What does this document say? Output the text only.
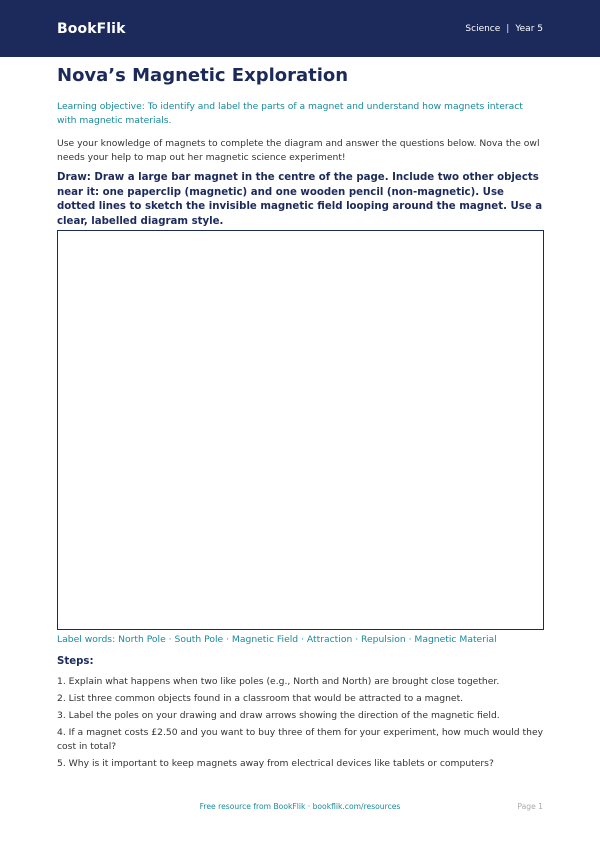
BookFlik	Science | Year 5
Nova’s Magnetic Exploration

Learning objective: To identify and label the parts of a magnet and understand how magnets interact with magnetic materials.

Use your knowledge of magnets to complete the diagram and answer the questions below. Nova the owl needs your help to map out her magnetic science experiment!

Draw: Draw a large bar magnet in the centre of the page. Include two other objects near it: one paperclip (magnetic) and one wooden pencil (non-magnetic). Use dotted lines to sketch the invisible magnetic field looping around the magnet. Use a clear, labelled diagram style.

Label words: North Pole · South Pole · Magnetic Field · Attraction · Repulsion · Magnetic Material

Steps:
1. Explain what happens when two like poles (e.g., North and North) are brought close together.
2. List three common objects found in a classroom that would be attracted to a magnet.
3. Label the poles on your drawing and draw arrows showing the direction of the magnetic field.
4. If a magnet costs £2.50 and you want to buy three of them for your experiment, how much would they cost in total?
5. Why is it important to keep magnets away from electrical devices like tablets or computers?
Free resource from BookFlik · bookflik.com/resources	Page 1
